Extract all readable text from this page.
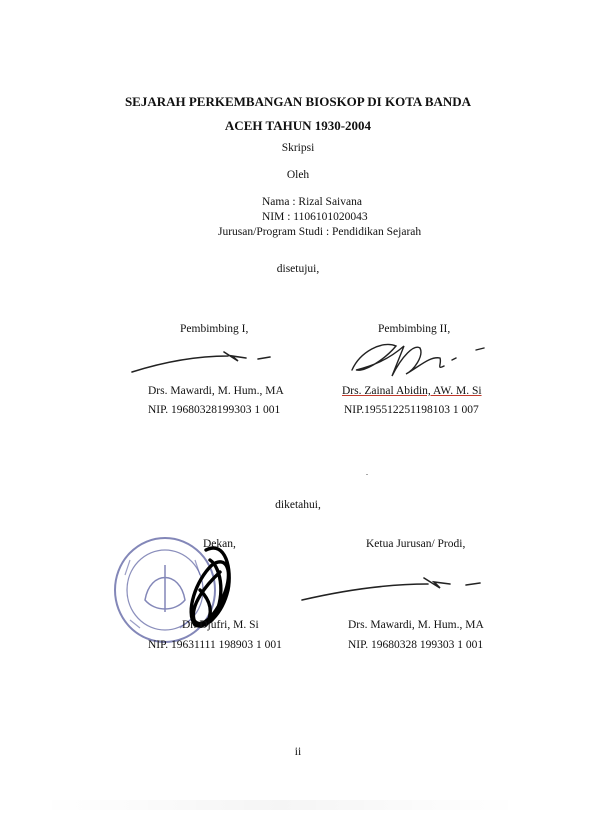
SEJARAH PERKEMBANGAN BIOSKOP DI KOTA BANDA
ACEH TAHUN 1930-2004
Skripsi
Oleh
Nama : Rizal Saivana
NIM : 1106101020043
Jurusan/Program Studi : Pendidikan Sejarah
disetujui,
Pembimbing I,
Drs. Mawardi, M. Hum., MA
NIP. 19680328199303 1 001
Pembimbing II,
Drs. Zainal Abidin, AW. M. Si
NIP.195512251198103 1 007
.
diketahui,
Dekan,
Dr. Djufri, M. Si
NIP. 19631111 198903 1 001
Ketua Jurusan/ Prodi,
Drs. Mawardi, M. Hum., MA
NIP. 19680328 199303 1 001
ii
